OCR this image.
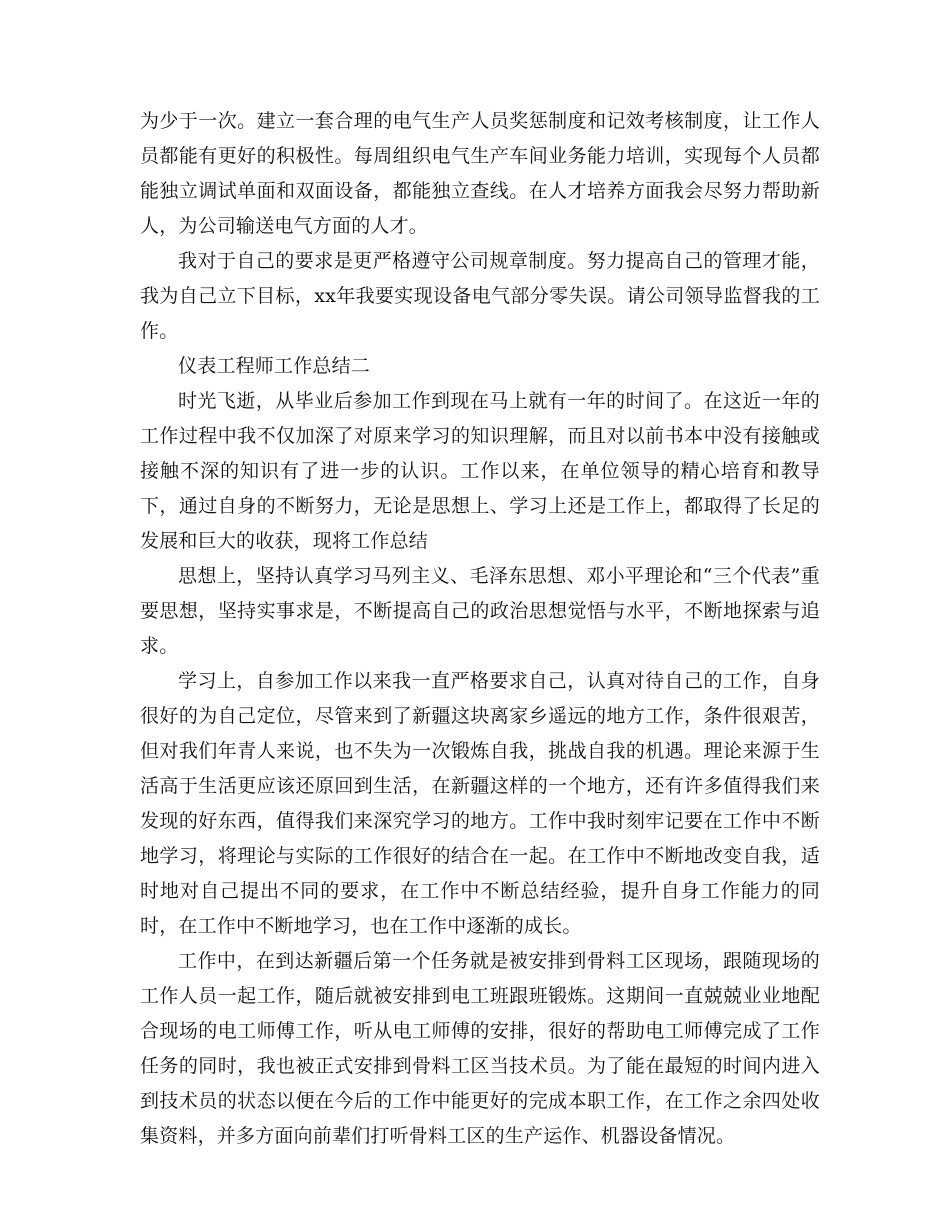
为少于一次。建立一套合理的电气生产人员奖惩制度和记效考核制度，让工作人员都能有更好的积极性。每周组织电气生产车间业务能力培训，实现每个人员都能独立调试单面和双面设备，都能独立查线。在人才培养方面我会尽努力帮助新人，为公司输送电气方面的人才。

我对于自己的要求是更严格遵守公司规章制度。努力提高自己的管理才能，我为自己立下目标，xx年我要实现设备电气部分零失误。请公司领导监督我的工作。

仪表工程师工作总结二

时光飞逝，从毕业后参加工作到现在马上就有一年的时间了。在这近一年的工作过程中我不仅加深了对原来学习的知识理解，而且对以前书本中没有接触或接触不深的知识有了进一步的认识。工作以来，在单位领导的精心培育和教导下，通过自身的不断努力，无论是思想上、学习上还是工作上，都取得了长足的发展和巨大的收获，现将工作总结

思想上，坚持认真学习马列主义、毛泽东思想、邓小平理论和“三个代表”重要思想，坚持实事求是，不断提高自己的政治思想觉悟与水平，不断地探索与追求。

学习上，自参加工作以来我一直严格要求自己，认真对待自己的工作，自身很好的为自己定位，尽管来到了新疆这块离家乡遥远的地方工作，条件很艰苦，但对我们年青人来说，也不失为一次锻炼自我，挑战自我的机遇。理论来源于生活高于生活更应该还原回到生活，在新疆这样的一个地方，还有许多值得我们来发现的好东西，值得我们来深究学习的地方。工作中我时刻牢记要在工作中不断地学习，将理论与实际的工作很好的结合在一起。在工作中不断地改变自我，适时地对自己提出不同的要求，在工作中不断总结经验，提升自身工作能力的同时，在工作中不断地学习，也在工作中逐渐的成长。

工作中，在到达新疆后第一个任务就是被安排到骨料工区现场，跟随现场的工作人员一起工作，随后就被安排到电工班跟班锻炼。这期间一直兢兢业业地配合现场的电工师傅工作，听从电工师傅的安排，很好的帮助电工师傅完成了工作任务的同时，我也被正式安排到骨料工区当技术员。为了能在最短的时间内进入到技术员的状态以便在今后的工作中能更好的完成本职工作，在工作之余四处收集资料，并多方面向前辈们打听骨料工区的生产运作、机器设备情况。
